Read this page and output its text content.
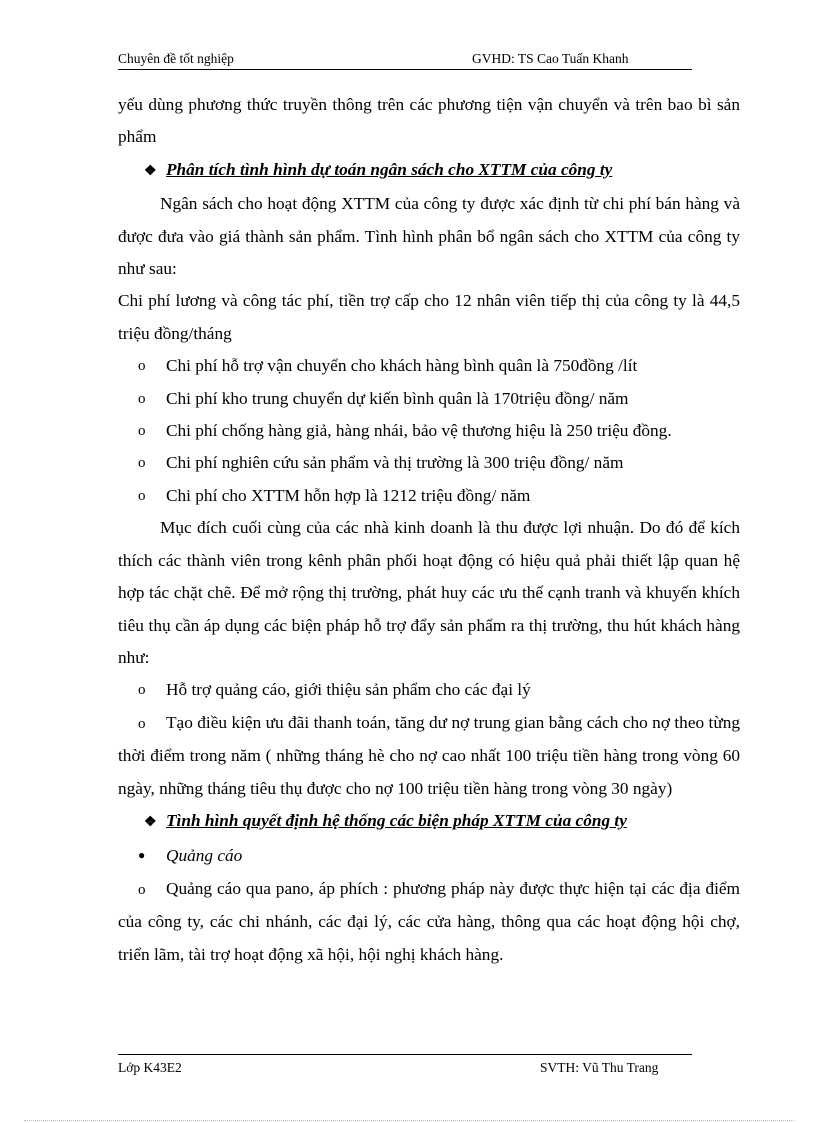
Chuyên đề tốt nghiệp	GVHD: TS Cao Tuấn Khanh

yếu dùng phương thức truyền thông trên các phương tiện vận chuyển và trên bao bì sản phẩm

❖ Phân tích tình hình dự toán ngân sách cho XTTM của công ty

Ngân sách cho hoạt động XTTM của công ty được xác định từ chi phí bán hàng và được đưa vào giá thành sản phẩm. Tình hình phân bổ ngân sách cho XTTM của công ty như sau:

Chi phí lương và công tác phí, tiền trợ cấp cho 12 nhân viên tiếp thị của công ty là 44,5 triệu đồng/tháng

o	Chi phí hỗ trợ vận chuyển cho khách hàng bình quân là 750đồng /lít

o	Chi phí kho trung chuyển dự kiến bình quân là 170triệu đồng/ năm

o	Chi phí chống hàng giả, hàng nhái, bảo vệ thương hiệu là 250 triệu đồng.

o	Chi phí nghiên cứu sản phẩm và thị trường là 300 triệu đồng/ năm

o	Chi phí cho XTTM hỗn hợp là 1212 triệu đồng/ năm

Mục đích cuối cùng của các nhà kinh doanh là thu được lợi nhuận. Do đó để kích thích các thành viên trong kênh phân phối hoạt động có hiệu quả phải thiết lập quan hệ hợp tác chặt chẽ. Để mở rộng thị trường, phát huy các ưu thế cạnh tranh và khuyến khích tiêu thụ cần áp dụng các biện pháp hỗ trợ đẩy sản phẩm ra thị trường, thu hút khách hàng như:

o	Hỗ trợ quảng cáo, giới thiệu sản phẩm cho các đại lý

o Tạo điều kiện ưu đãi thanh toán, tăng dư nợ trung gian bằng cách cho nợ theo từng thời điểm trong năm ( những tháng hè cho nợ cao nhất 100 triệu tiền hàng trong vòng 60 ngày, những tháng tiêu thụ được cho nợ 100 triệu tiền hàng trong vòng 30 ngày)

❖ Tình hình quyết định hệ thống các biện pháp XTTM của công ty

● Quảng cáo

o Quảng cáo qua pano, áp phích : phương pháp này được thực hiện tại các địa điểm của công ty, các chi nhánh, các đại lý, các cửa hàng, thông qua các hoạt động hội chợ, triển lãm, tài trợ hoạt động xã hội, hội nghị khách hàng.

Lớp K43E2	SVTH: Vũ Thu Trang
